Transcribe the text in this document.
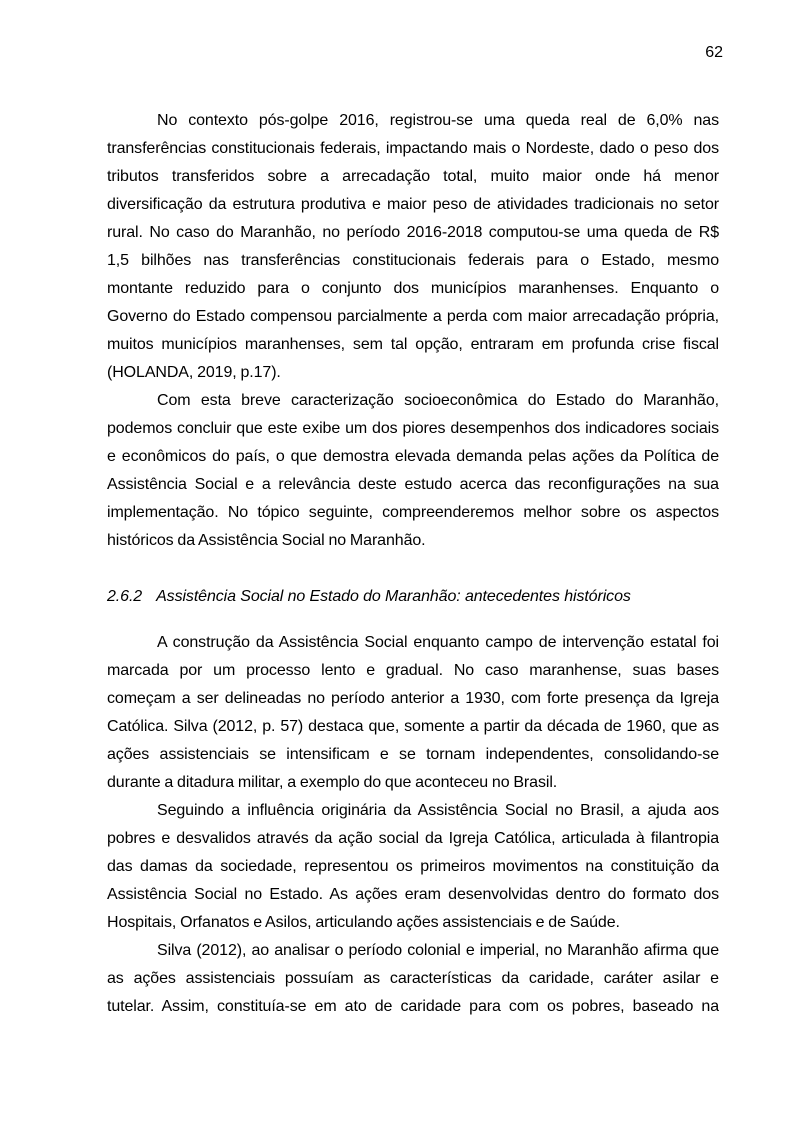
62
No contexto pós-golpe 2016, registrou-se uma queda real de 6,0% nas
transferências constitucionais federais, impactando mais o Nordeste, dado o peso dos
tributos transferidos sobre a arrecadação total, muito maior onde há menor
diversificação da estrutura produtiva e maior peso de atividades tradicionais no setor
rural. No caso do Maranhão, no período 2016-2018 computou-se uma queda de R$
1,5 bilhões nas transferências constitucionais federais para o Estado, mesmo
montante reduzido para o conjunto dos municípios maranhenses. Enquanto o
Governo do Estado compensou parcialmente a perda com maior arrecadação própria,
muitos municípios maranhenses, sem tal opção, entraram em profunda crise fiscal
(HOLANDA, 2019, p.17).
Com esta breve caracterização socioeconômica do Estado do Maranhão,
podemos concluir que este exibe um dos piores desempenhos dos indicadores sociais
e econômicos do país, o que demostra elevada demanda pelas ações da Política de
Assistência Social e a relevância deste estudo acerca das reconfigurações na sua
implementação. No tópico seguinte, compreenderemos melhor sobre os aspectos
históricos da Assistência Social no Maranhão.
2.6.2 Assistência Social no Estado do Maranhão: antecedentes históricos
A construção da Assistência Social enquanto campo de intervenção estatal foi
marcada por um processo lento e gradual. No caso maranhense, suas bases
começam a ser delineadas no período anterior a 1930, com forte presença da Igreja
Católica. Silva (2012, p. 57) destaca que, somente a partir da década de 1960, que as
ações assistenciais se intensificam e se tornam independentes, consolidando-se
durante a ditadura militar, a exemplo do que aconteceu no Brasil.
Seguindo a influência originária da Assistência Social no Brasil, a ajuda aos
pobres e desvalidos através da ação social da Igreja Católica, articulada à filantropia
das damas da sociedade, representou os primeiros movimentos na constituição da
Assistência Social no Estado. As ações eram desenvolvidas dentro do formato dos
Hospitais, Orfanatos e Asilos, articulando ações assistenciais e de Saúde.
Silva (2012), ao analisar o período colonial e imperial, no Maranhão afirma que
as ações assistenciais possuíam as características da caridade, caráter asilar e
tutelar. Assim, constituía-se em ato de caridade para com os pobres, baseado na
